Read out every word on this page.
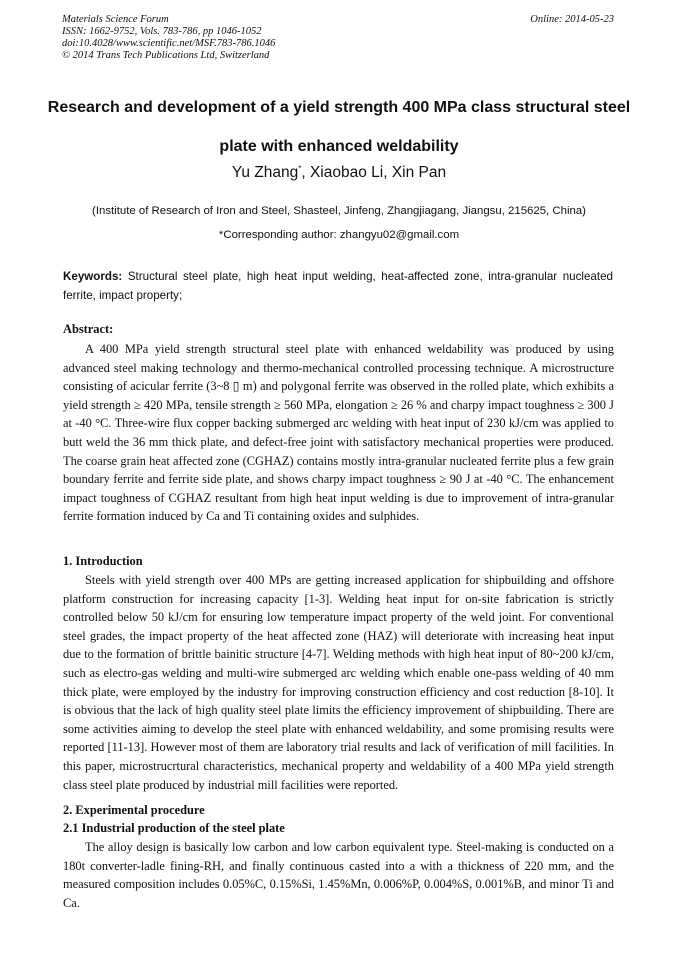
Materials Science Forum
ISSN: 1662-9752, Vols. 783-786, pp 1046-1052
doi:10.4028/www.scientific.net/MSF.783-786.1046
© 2014 Trans Tech Publications Ltd, Switzerland
Online: 2014-05-23
Research and development of a yield strength 400 MPa class structural steel plate with enhanced weldability
Yu Zhang*, Xiaobao Li, Xin Pan
(Institute of Research of Iron and Steel, Shasteel, Jinfeng, Zhangjiagang, Jiangsu, 215625, China)
*Corresponding author: zhangyu02@gmail.com
Keywords: Structural steel plate, high heat input welding, heat-affected zone, intra-granular nucleated ferrite, impact property;
Abstract:

A 400 MPa yield strength structural steel plate with enhanced weldability was produced by using advanced steel making technology and thermo-mechanical controlled processing technique. A microstructure consisting of acicular ferrite (3~8 ▯ m) and polygonal ferrite was observed in the rolled plate, which exhibits a yield strength ≥ 420 MPa, tensile strength ≥ 560 MPa, elongation ≥ 26 % and charpy impact toughness ≥ 300 J at -40 °C. Three-wire flux copper backing submerged arc welding with heat input of 230 kJ/cm was applied to butt weld the 36 mm thick plate, and defect-free joint with satisfactory mechanical properties were produced. The coarse grain heat affected zone (CGHAZ) contains mostly intra-granular nucleated ferrite plus a few grain boundary ferrite and ferrite side plate, and shows charpy impact toughness ≥ 90 J at -40 °C. The enhancement impact toughness of CGHAZ resultant from high heat input welding is due to improvement of intra-granular ferrite formation induced by Ca and Ti containing oxides and sulphides.

1. Introduction

Steels with yield strength over 400 MPs are getting increased application for shipbuilding and offshore platform construction for increasing capacity [1-3]. Welding heat input for on-site fabrication is strictly controlled below 50 kJ/cm for ensuring low temperature impact property of the weld joint. For conventional steel grades, the impact property of the heat affected zone (HAZ) will deteriorate with increasing heat input due to the formation of brittle bainitic structure [4-7]. Welding methods with high heat input of 80~200 kJ/cm, such as electro-gas welding and multi-wire submerged arc welding which enable one-pass welding of 40 mm thick plate, were employed by the industry for improving construction efficiency and cost reduction [8-10]. It is obvious that the lack of high quality steel plate limits the efficiency improvement of shipbuilding. There are some activities aiming to develop the steel plate with enhanced weldability, and some promising results were reported [11-13]. However most of them are laboratory trial results and lack of verification of mill facilities. In this paper, microstrucrtural characteristics, mechanical property and weldability of a 400 MPa yield strength class steel plate produced by industrial mill facilities were reported.

2. Experimental procedure
2.1 Industrial production of the steel plate

The alloy design is basically low carbon and low carbon equivalent type. Steel-making is conducted on a 180t converter-ladle fining-RH, and finally continuous casted into a with a thickness of 220 mm, and the measured composition includes 0.05%C, 0.15%Si, 1.45%Mn, 0.006%P, 0.004%S, 0.001%B, and minor Ti and Ca.
